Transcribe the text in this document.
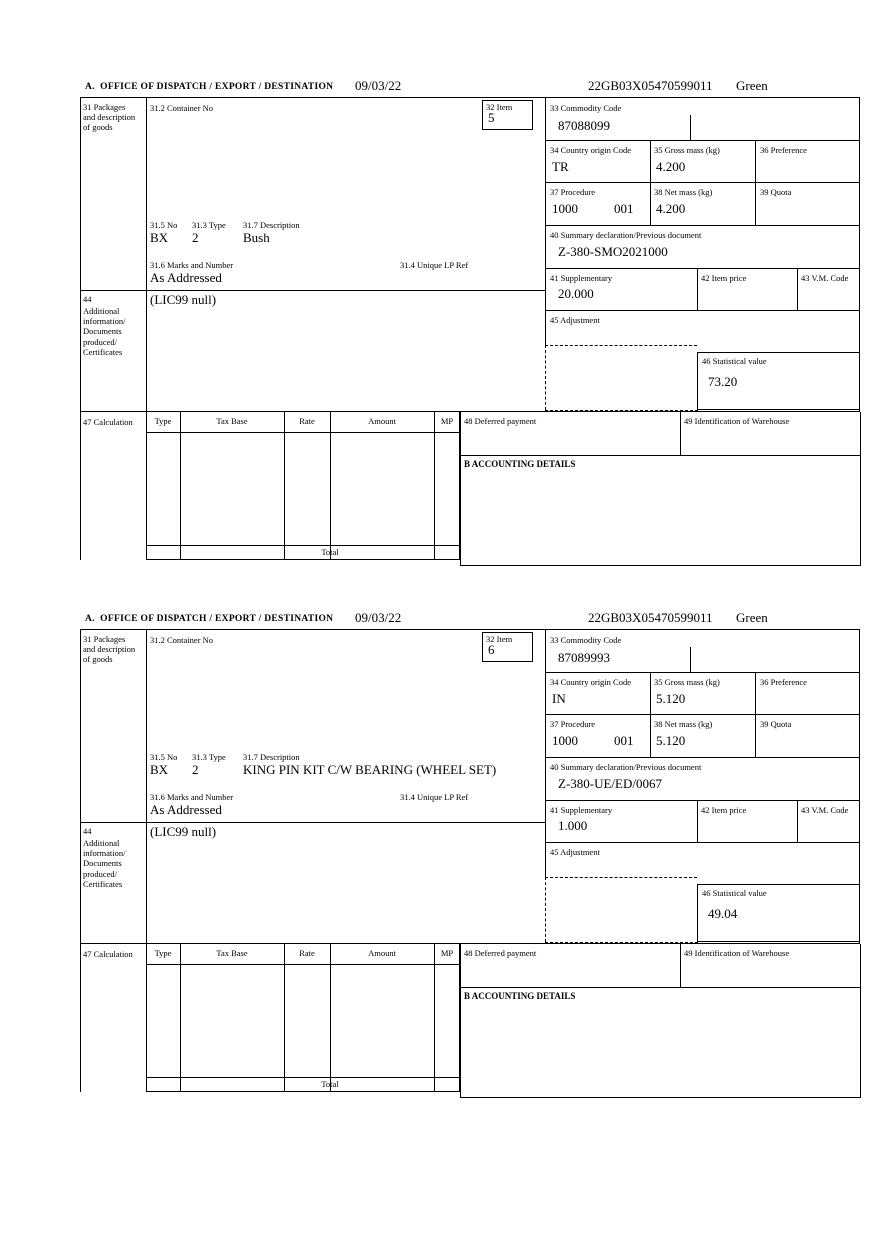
A.  OFFICE OF DISPATCH / EXPORT / DESTINATION 09/03/22	22GB03X05470599011 Green
31 Packages and description of goods
44
Additional information/ Documents produced/ Certificates
47 Calculation
31.2 Container No	32 Item
5
31.5 No 31.3 Type 31.7 Description
BX 2	Bush
31.6 Marks and Number	31.4 Unique LP Ref
As Addressed
(LIC99 null)
33 Commodity Code
87088099
34 Country origin Code
TR
35 Gross mass (kg)
4.200
36 Preference
37 Procedure
1000	001
38 Net mass (kg)
4.200
39 Quota
40 Summary declaration/Previous document
Z-380-SMO2021000
41 Supplementary
20.000
42 Item price	43 V.M. Code
45 Adjustment
46 Statistical value
73.20
Type	Tax Base	Rate	Amount	MP
Total
48 Deferred payment	49 Identification of Warehouse
B ACCOUNTING DETAILS
A.  OFFICE OF DISPATCH / EXPORT / DESTINATION 09/03/22	22GB03X05470599011 Green
31 Packages and description of goods
44
Additional information/ Documents produced/ Certificates
47 Calculation
31.2 Container No	32 Item
6
31.5 No 31.3 Type 31.7 Description
BX 2	KING PIN KIT C/W BEARING (WHEEL SET)
31.6 Marks and Number	31.4 Unique LP Ref
As Addressed
(LIC99 null)
33 Commodity Code
87089993
34 Country origin Code
IN
35 Gross mass (kg)
5.120
36 Preference
37 Procedure
1000	001
38 Net mass (kg)
5.120
39 Quota
40 Summary declaration/Previous document
Z-380-UE/ED/0067
41 Supplementary
1.000
42 Item price	43 V.M. Code
45 Adjustment
46 Statistical value
49.04
Type	Tax Base	Rate	Amount	MP
Total
48 Deferred payment	49 Identification of Warehouse
B ACCOUNTING DETAILS
